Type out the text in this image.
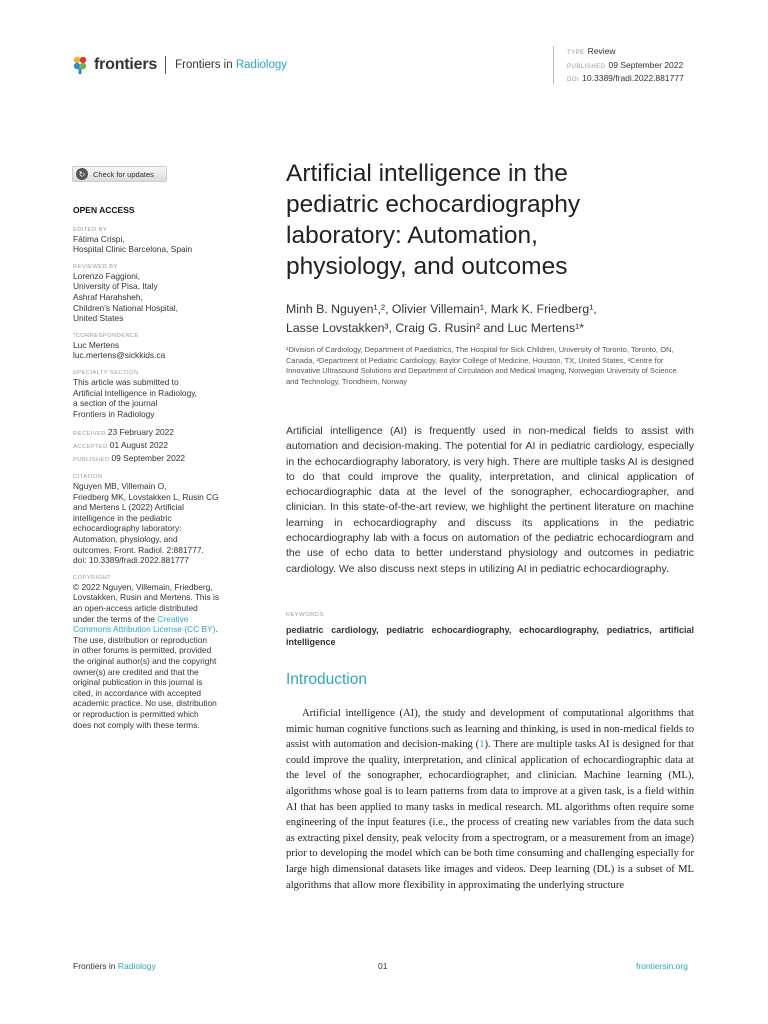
frontiers Frontiers in Radiology
TYPE Review
PUBLISHED 09 September 2022
DOI 10.3389/fradi.2022.881777
↻	Check for updates
OPEN ACCESS
EDITED BY
Fátima Crispi,
Hospital Clinic Barcelona, Spain
REVIEWED BY
Lorenzo Faggioni,
University of Pisa, Italy
Ashraf Harahsheh,
Children's National Hospital,
United States
*CORRESPONDENCE
Luc Mertens
luc.mertens@sickkids.ca
SPECIALTY SECTION
This article was submitted to
Artificial Intelligence in Radiology,
a section of the journal
Frontiers in Radiology
RECEIVED 23 February 2022
ACCEPTED 01 August 2022
PUBLISHED 09 September 2022
CITATION
Nguyen MB, Villemain O,
Friedberg MK, Lovstakken L, Rusin CG
and Mertens L (2022) Artificial
intelligence in the pediatric
echocardiography laboratory:
Automation, physiology, and
outcomes. Front. Radiol. 2:881777.
doi: 10.3389/fradi.2022.881777
COPYRIGHT
© 2022 Nguyen, Villemain, Friedberg,
Lovstakken, Rusin and Mertens. This is
an open-access article distributed
under the terms of the Creative
Commons Attribution License (CC BY).
The use, distribution or reproduction
in other forums is permitted, provided
the original author(s) and the copyright
owner(s) are credited and that the
original publication in this journal is
cited, in accordance with accepted
academic practice. No use, distribution
or reproduction is permitted which
does not comply with these terms.
Artificial intelligence in the
pediatric echocardiography
laboratory: Automation,
physiology, and outcomes
Minh B. Nguyen¹,², Olivier Villemain¹, Mark K. Friedberg¹,
Lasse Lovstakken³, Craig G. Rusin² and Luc Mertens¹*
¹Division of Cardiology, Department of Paediatrics, The Hospital for Sick Children, University of Toronto, Toronto, ON, Canada, ²Department of Pediatric Cardiology, Baylor College of Medicine, Houston, TX, United States, ³Centre for Innovative Ultrasound Solutions and Department of Circulation and Medical Imaging, Norwegian University of Science and Technology, Trondheim, Norway
Artificial intelligence (AI) is frequently used in non-medical fields to assist with automation and decision-making. The potential for AI in pediatric cardiology, especially in the echocardiography laboratory, is very high. There are multiple tasks AI is designed to do that could improve the quality, interpretation, and clinical application of echocardiographic data at the level of the sonographer, echocardiographer, and clinician. In this state-of-the-art review, we highlight the pertinent literature on machine learning in echocardiography and discuss its applications in the pediatric echocardiography lab with a focus on automation of the pediatric echocardiogram and the use of echo data to better understand physiology and outcomes in pediatric cardiology. We also discuss next steps in utilizing AI in pediatric echocardiography.
KEYWORDS
pediatric cardiology, pediatric echocardiography, echocardiography, pediatrics, artificial intelligence
Introduction
Artificial intelligence (AI), the study and development of computational algorithms that mimic human cognitive functions such as learning and thinking, is used in non-medical fields to assist with automation and decision-making (1). There are multiple tasks AI is designed for that could improve the quality, interpretation, and clinical application of echocardiographic data at the level of the sonographer, echocardiographer, and clinician. Machine learning (ML), algorithms whose goal is to learn patterns from data to improve at a given task, is a field within AI that has been applied to many tasks in medical research. ML algorithms often require some engineering of the input features (i.e., the process of creating new variables from the data such as extracting pixel density, peak velocity from a spectrogram, or a measurement from an image) prior to developing the model which can be both time consuming and challenging especially for large high dimensional datasets like images and videos. Deep learning (DL) is a subset of ML algorithms that allow more flexibility in approximating the underlying structure
Frontiers in Radiology	01	frontiersin.org
